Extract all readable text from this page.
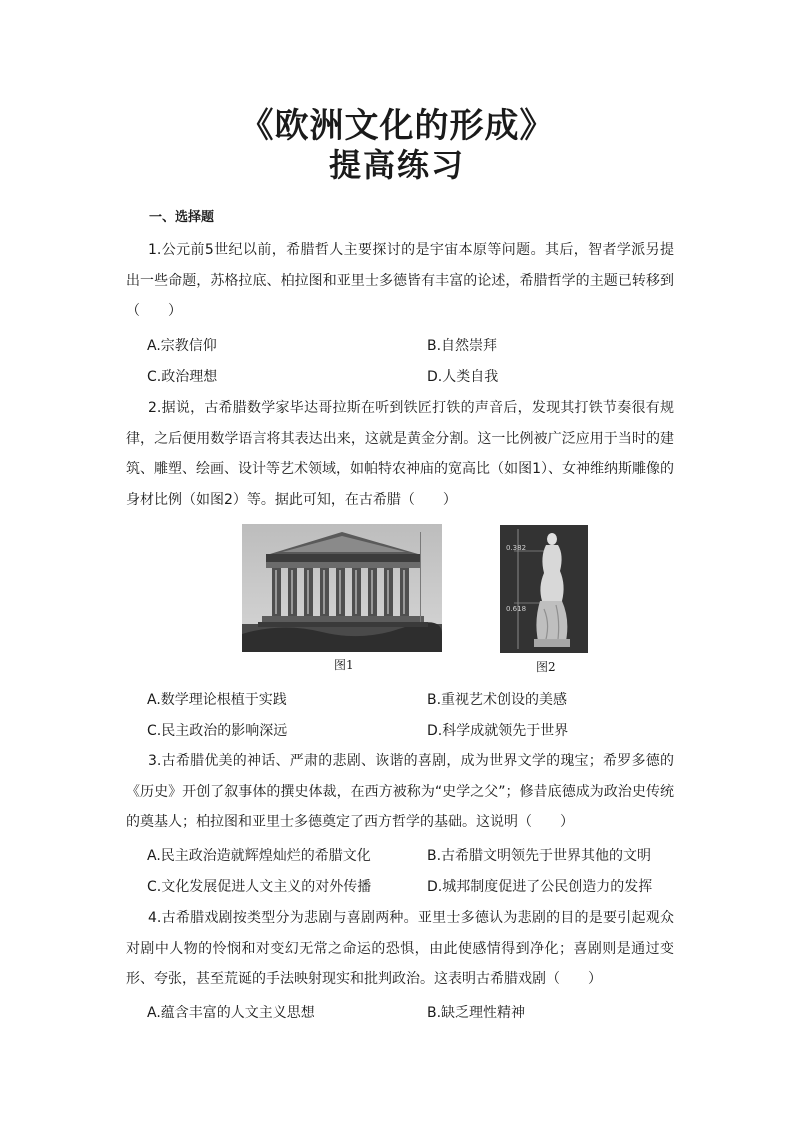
《欧洲文化的形成》
提高练习
一、选择题
1.公元前5世纪以前，希腊哲人主要探讨的是宇宙本原等问题。其后，智者学派另提出一些命题，苏格拉底、柏拉图和亚里士多德皆有丰富的论述，希腊哲学的主题已转移到（　　）
A.宗教信仰	B.自然崇拜
C.政治理想	D.人类自我
2.据说，古希腊数学家毕达哥拉斯在听到铁匠打铁的声音后，发现其打铁节奏很有规律，之后便用数学语言将其表达出来，这就是黄金分割。这一比例被广泛应用于当时的建筑、雕塑、绘画、设计等艺术领域，如帕特农神庙的宽高比（如图1）、女神维纳斯雕像的身材比例（如图2）等。据此可知，在古希腊（　　）
图1
0.382
0.618
图2
A.数学理论根植于实践	B.重视艺术创设的美感
C.民主政治的影响深远	D.科学成就领先于世界
3.古希腊优美的神话、严肃的悲剧、诙谐的喜剧，成为世界文学的瑰宝；希罗多德的《历史》开创了叙事体的撰史体裁，在西方被称为“史学之父”；修昔底德成为政治史传统的奠基人；柏拉图和亚里士多德奠定了西方哲学的基础。这说明（　　）
A.民主政治造就辉煌灿烂的希腊文化	B.古希腊文明领先于世界其他的文明
C.文化发展促进人文主义的对外传播	D.城邦制度促进了公民创造力的发挥
4.古希腊戏剧按类型分为悲剧与喜剧两种。亚里士多德认为悲剧的目的是要引起观众对剧中人物的怜悯和对变幻无常之命运的恐惧，由此使感情得到净化；喜剧则是通过变形、夸张，甚至荒诞的手法映射现实和批判政治。这表明古希腊戏剧（　　）
A.蕴含丰富的人文主义思想	B.缺乏理性精神
